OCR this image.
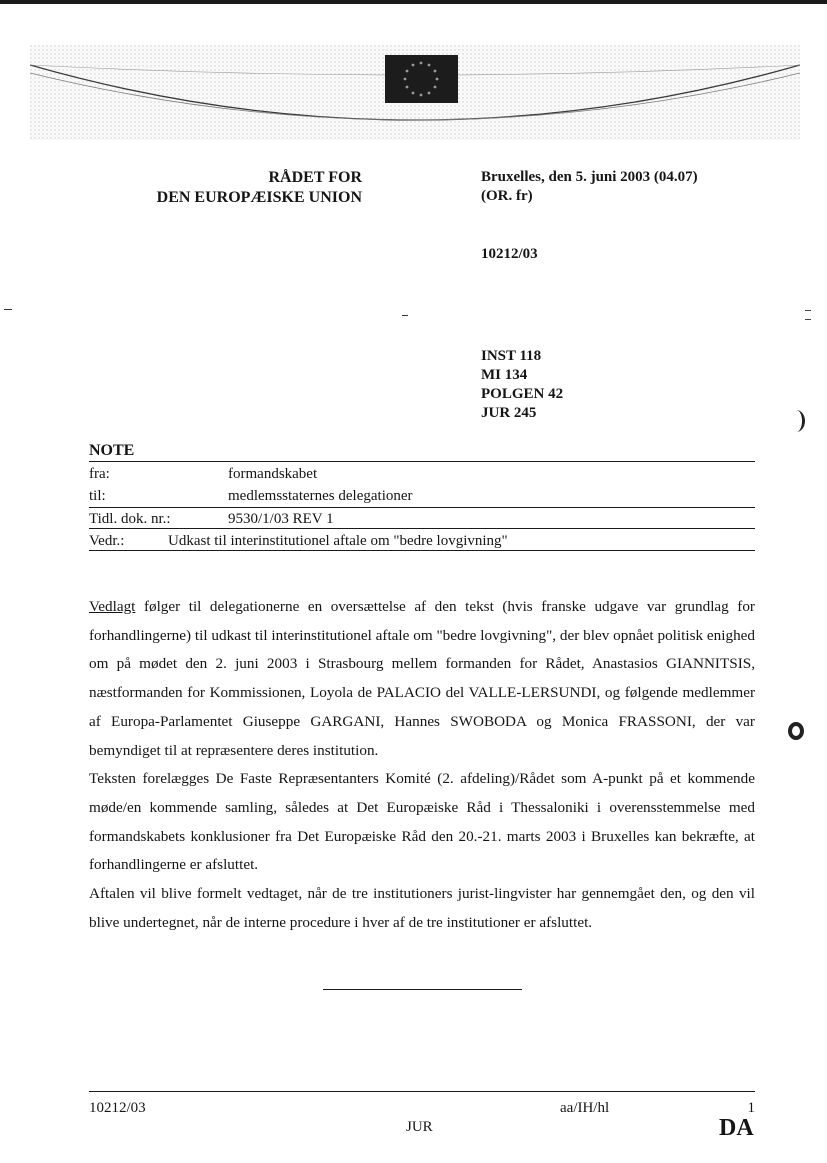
RÅDET FOR
DEN EUROPÆISKE UNION
Bruxelles, den 5. juni 2003 (04.07)
(OR. fr)
10212/03
INST 118
MI 134
POLGEN 42
JUR 245
NOTE
fra:	formandskabet
til:	medlemsstaternes delegationer
Tidl. dok. nr.:	9530/1/03 REV 1
Vedr.:	Udkast til interinstitutionel aftale om "bedre lovgivning"

Vedlagt følger til delegationerne en oversættelse af den tekst (hvis franske udgave var grundlag for forhandlingerne) til udkast til interinstitutionel aftale om "bedre lovgivning", der blev opnået politisk enighed om på mødet den 2. juni 2003 i Strasbourg mellem formanden for Rådet, Anastasios GIANNITSIS, næstformanden for Kommissionen, Loyola de PALACIO del VALLE-LERSUNDI, og følgende medlemmer af Europa-Parlamentet Giuseppe GARGANI, Hannes SWOBODA og Monica FRASSONI, der var bemyndiget til at repræsentere deres institution.

Teksten forelægges De Faste Repræsentanters Komité (2. afdeling)/Rådet som A-punkt på et kommende møde/en kommende samling, således at Det Europæiske Råd i Thessaloniki i overensstemmelse med formandskabets konklusioner fra Det Europæiske Råd den 20.-21. marts 2003 i Bruxelles kan bekræfte, at forhandlingerne er afsluttet.

Aftalen vil blive formelt vedtaget, når de tre institutioners jurist-lingvister har gennemgået den, og den vil blive undertegnet, når de interne procedure i hver af de tre institutioner er afsluttet.

10212/03	aa/IH/hl	1
JUR	DA
